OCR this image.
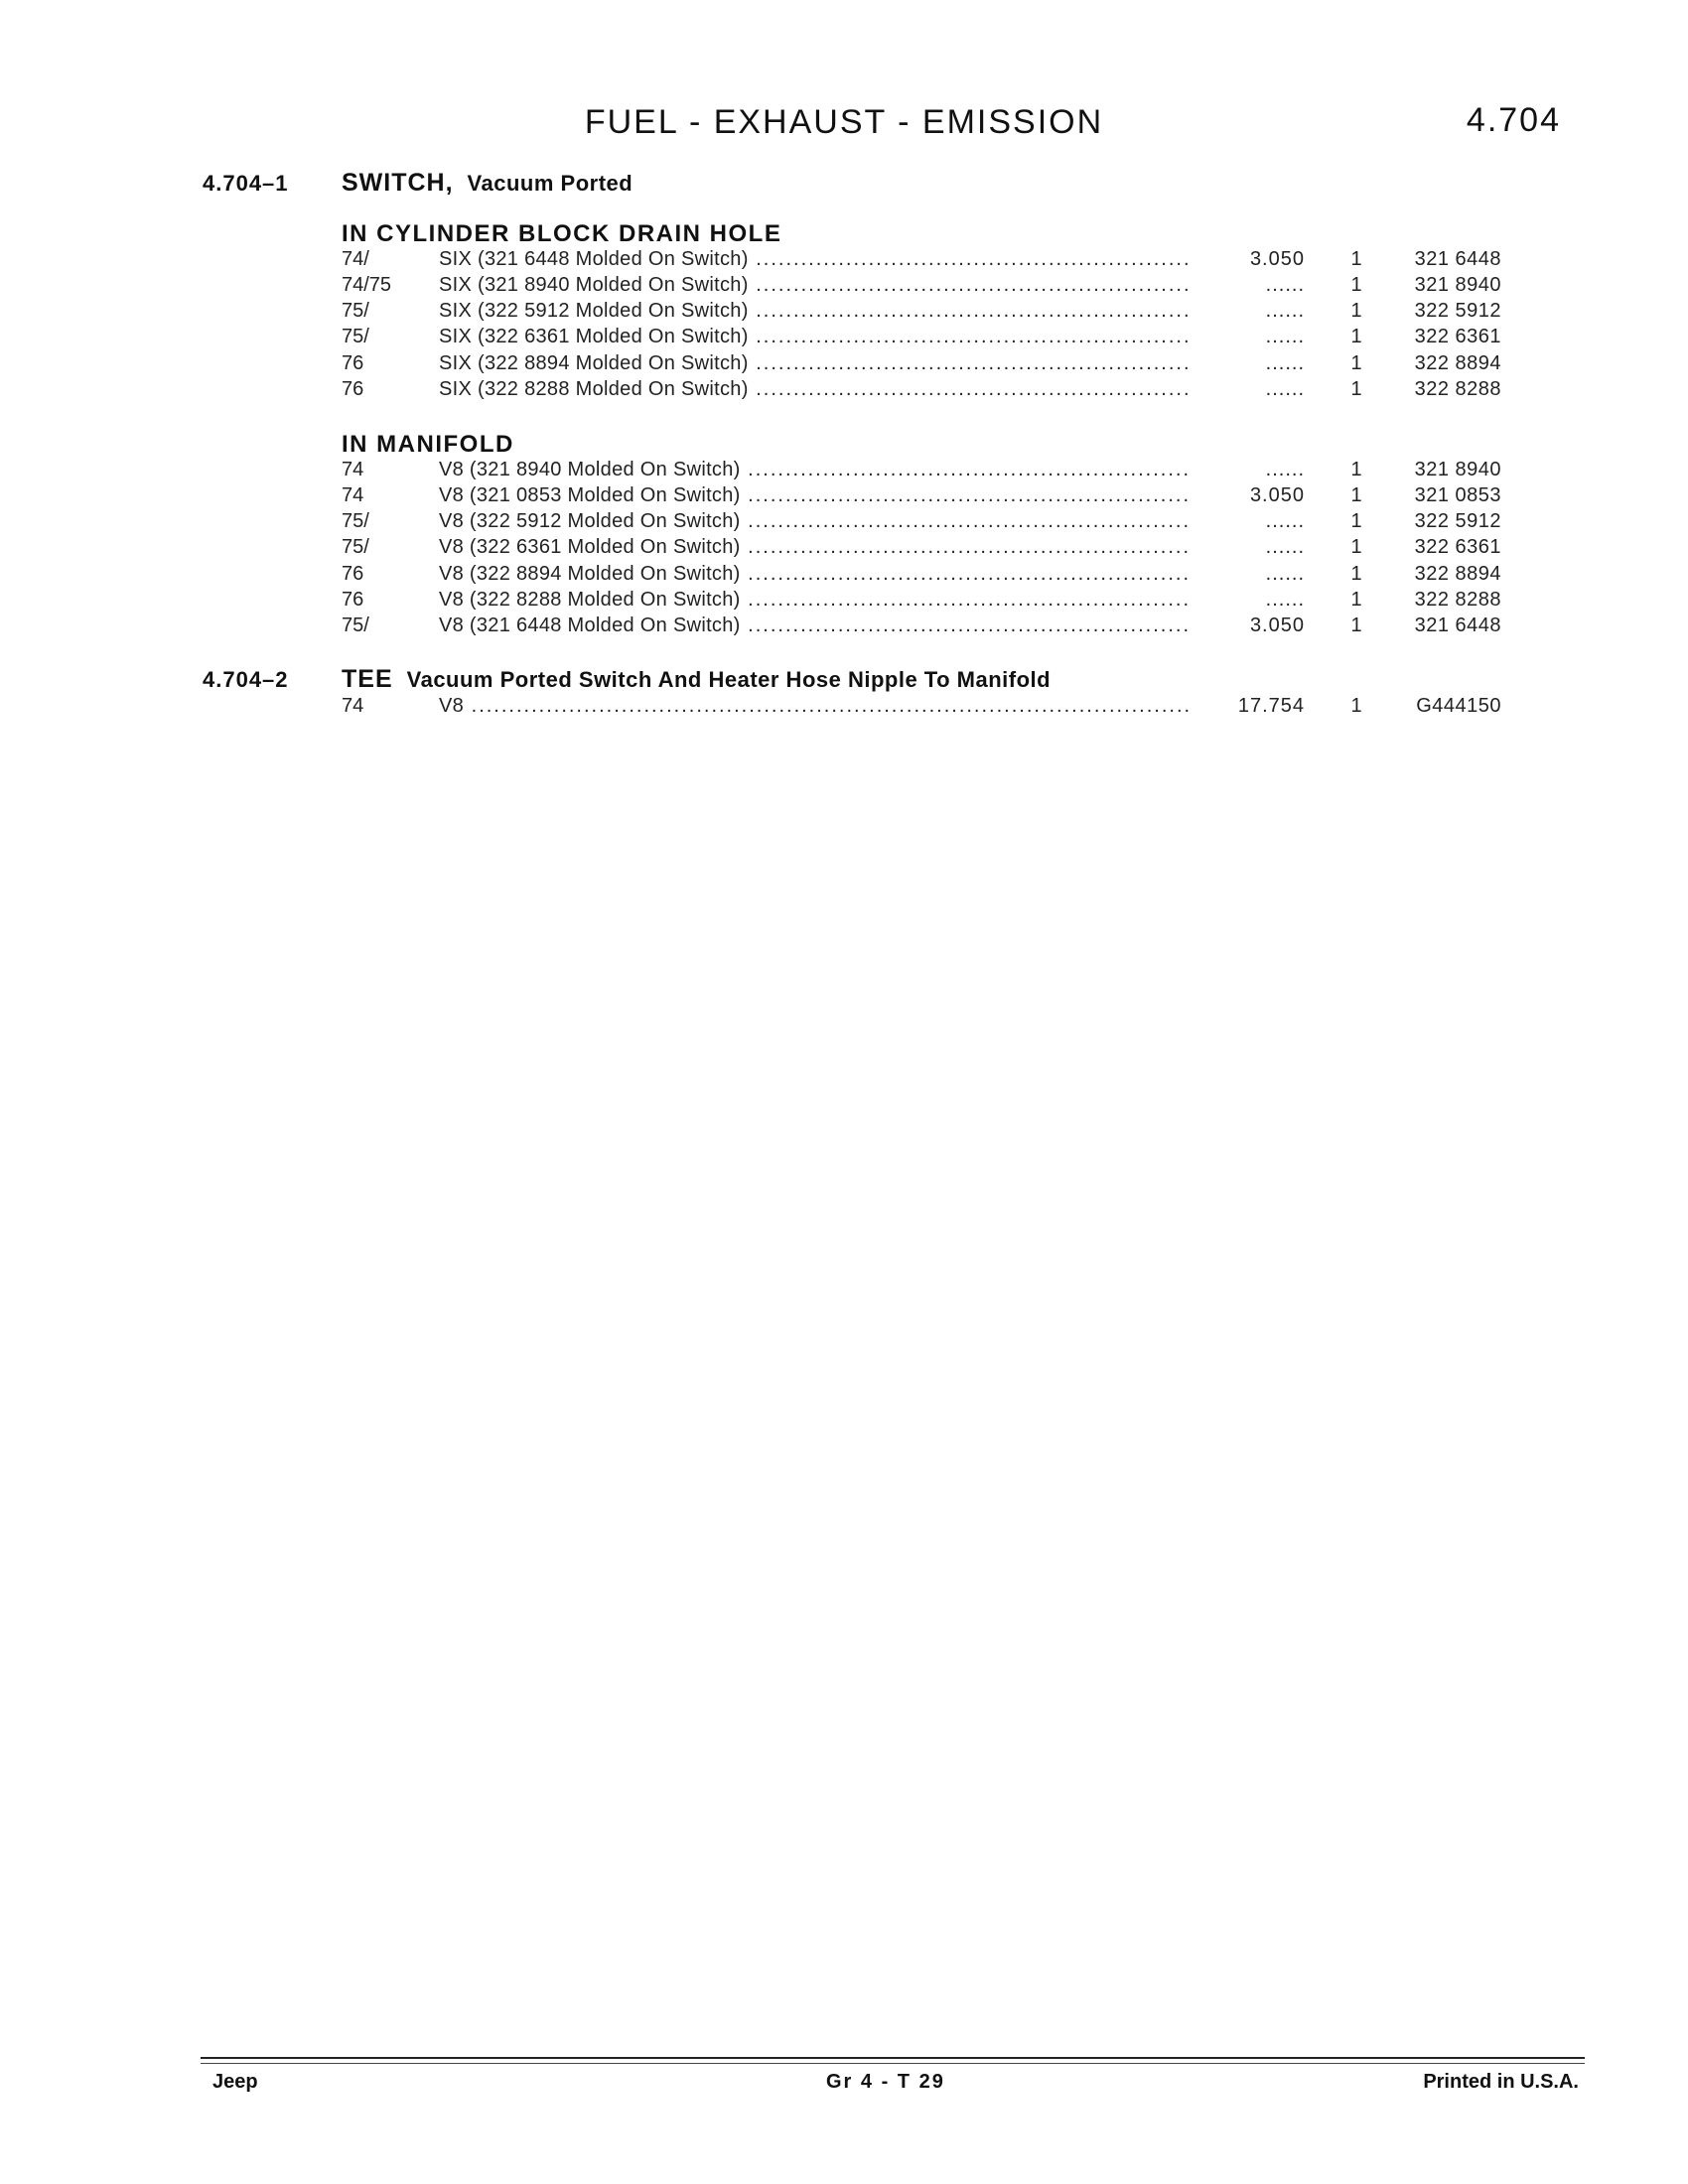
FUEL - EXHAUST - EMISSION	4.704
4.704–1 SWITCH, Vacuum Ported
IN CYLINDER BLOCK DRAIN HOLE
74/	SIX (321 6448 Molded On Switch) .....	3.050 1	321 6448
74/75 SIX (321 8940 Molded On Switch) .....	...... 1	321 8940
75/	SIX (322 5912 Molded On Switch) .....	...... 1	322 5912
75/	SIX (322 6361 Molded On Switch) .....	...... 1	322 6361
76	SIX (322 8894 Molded On Switch) .....	...... 1	322 8894
76	SIX (322 8288 Molded On Switch) .....	...... 1	322 8288
IN MANIFOLD
74	V8 (321 8940 Molded On Switch) .....	...... 1	321 8940
74	V8 (321 0853 Molded On Switch) .....	3.050 1	321 0853
75/	V8 (322 5912 Molded On Switch) .....	...... 1	322 5912
75/	V8 (322 6361 Molded On Switch) .....	...... 1	322 6361
76	V8 (322 8894 Molded On Switch) .....	...... 1	322 8894
76	V8 (322 8288 Molded On Switch) .....	...... 1	322 8288
75/	V8 (321 6448 Molded On Switch) .....	3.050 1	321 6448
4.704–2 TEE Vacuum Ported Switch And Heater Hose Nipple To Manifold
74	V8 .....	17.754 1	G444150
Jeep	Gr 4 - T 29	Printed in U.S.A.
